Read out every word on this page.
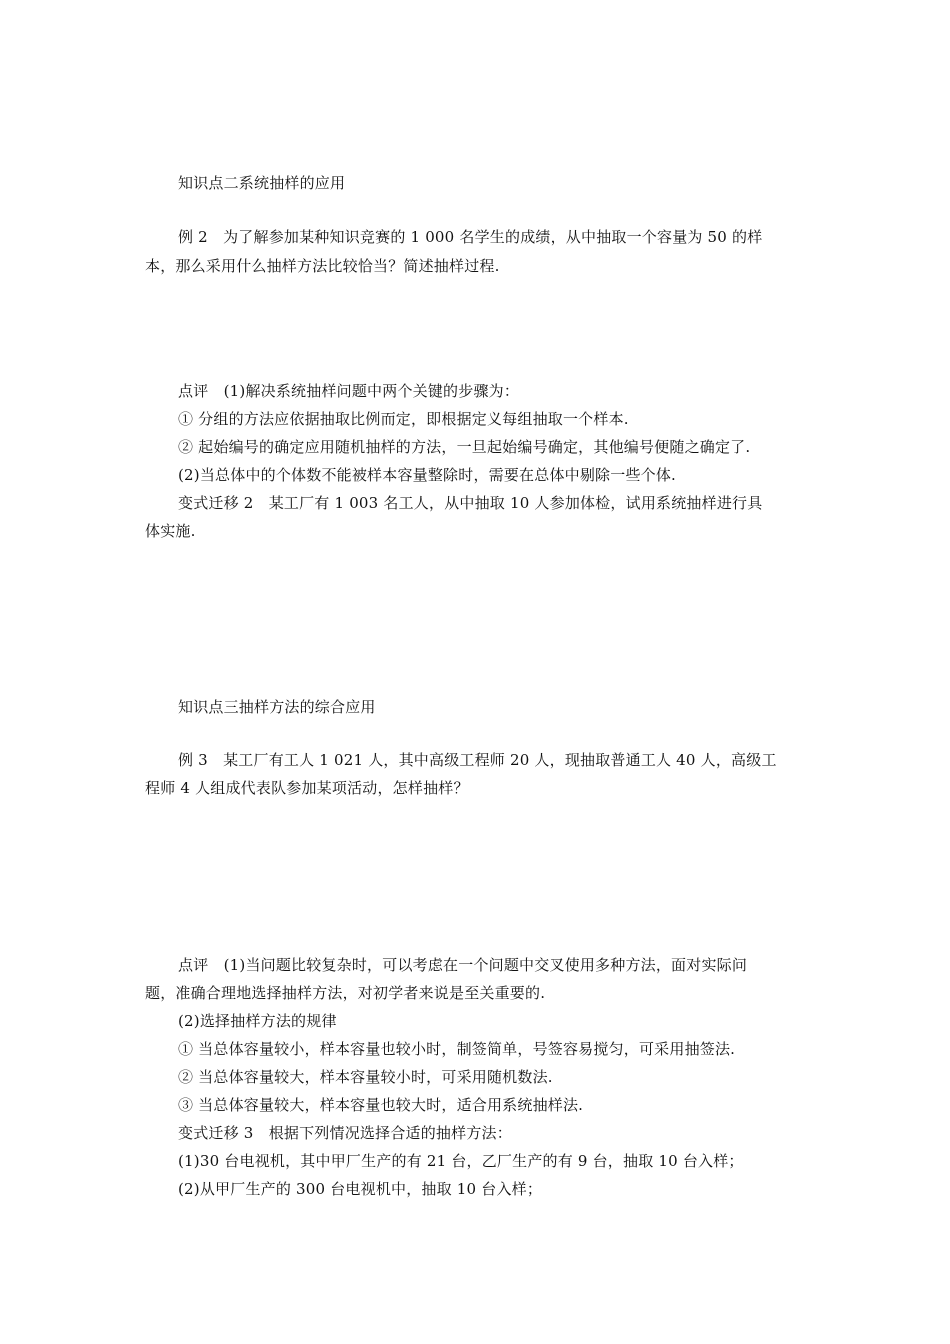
知识点二系统抽样的应用
例 2　为了解参加某种知识竞赛的 1 000 名学生的成绩，从中抽取一个容量为 50 的样
本，那么采用什么抽样方法比较恰当？简述抽样过程.
点评　(1)解决系统抽样问题中两个关键的步骤为：
① 分组的方法应依据抽取比例而定，即根据定义每组抽取一个样本.
② 起始编号的确定应用随机抽样的方法，一旦起始编号确定，其他编号便随之确定了.
(2)当总体中的个体数不能被样本容量整除时，需要在总体中剔除一些个体.
变式迁移 2　某工厂有 1 003 名工人，从中抽取 10 人参加体检，试用系统抽样进行具
体实施.
知识点三抽样方法的综合应用
例 3　某工厂有工人 1 021 人，其中高级工程师 20 人，现抽取普通工人 40 人，高级工
程师 4 人组成代表队参加某项活动，怎样抽样？
点评　(1)当问题比较复杂时，可以考虑在一个问题中交叉使用多种方法，面对实际问
题，准确合理地选择抽样方法，对初学者来说是至关重要的.
(2)选择抽样方法的规律
① 当总体容量较小，样本容量也较小时，制签简单，号签容易搅匀，可采用抽签法.
② 当总体容量较大，样本容量较小时，可采用随机数法.
③ 当总体容量较大，样本容量也较大时，适合用系统抽样法.
变式迁移 3　根据下列情况选择合适的抽样方法：
(1)30 台电视机，其中甲厂生产的有 21 台，乙厂生产的有 9 台，抽取 10 台入样；
(2)从甲厂生产的 300 台电视机中，抽取 10 台入样；
